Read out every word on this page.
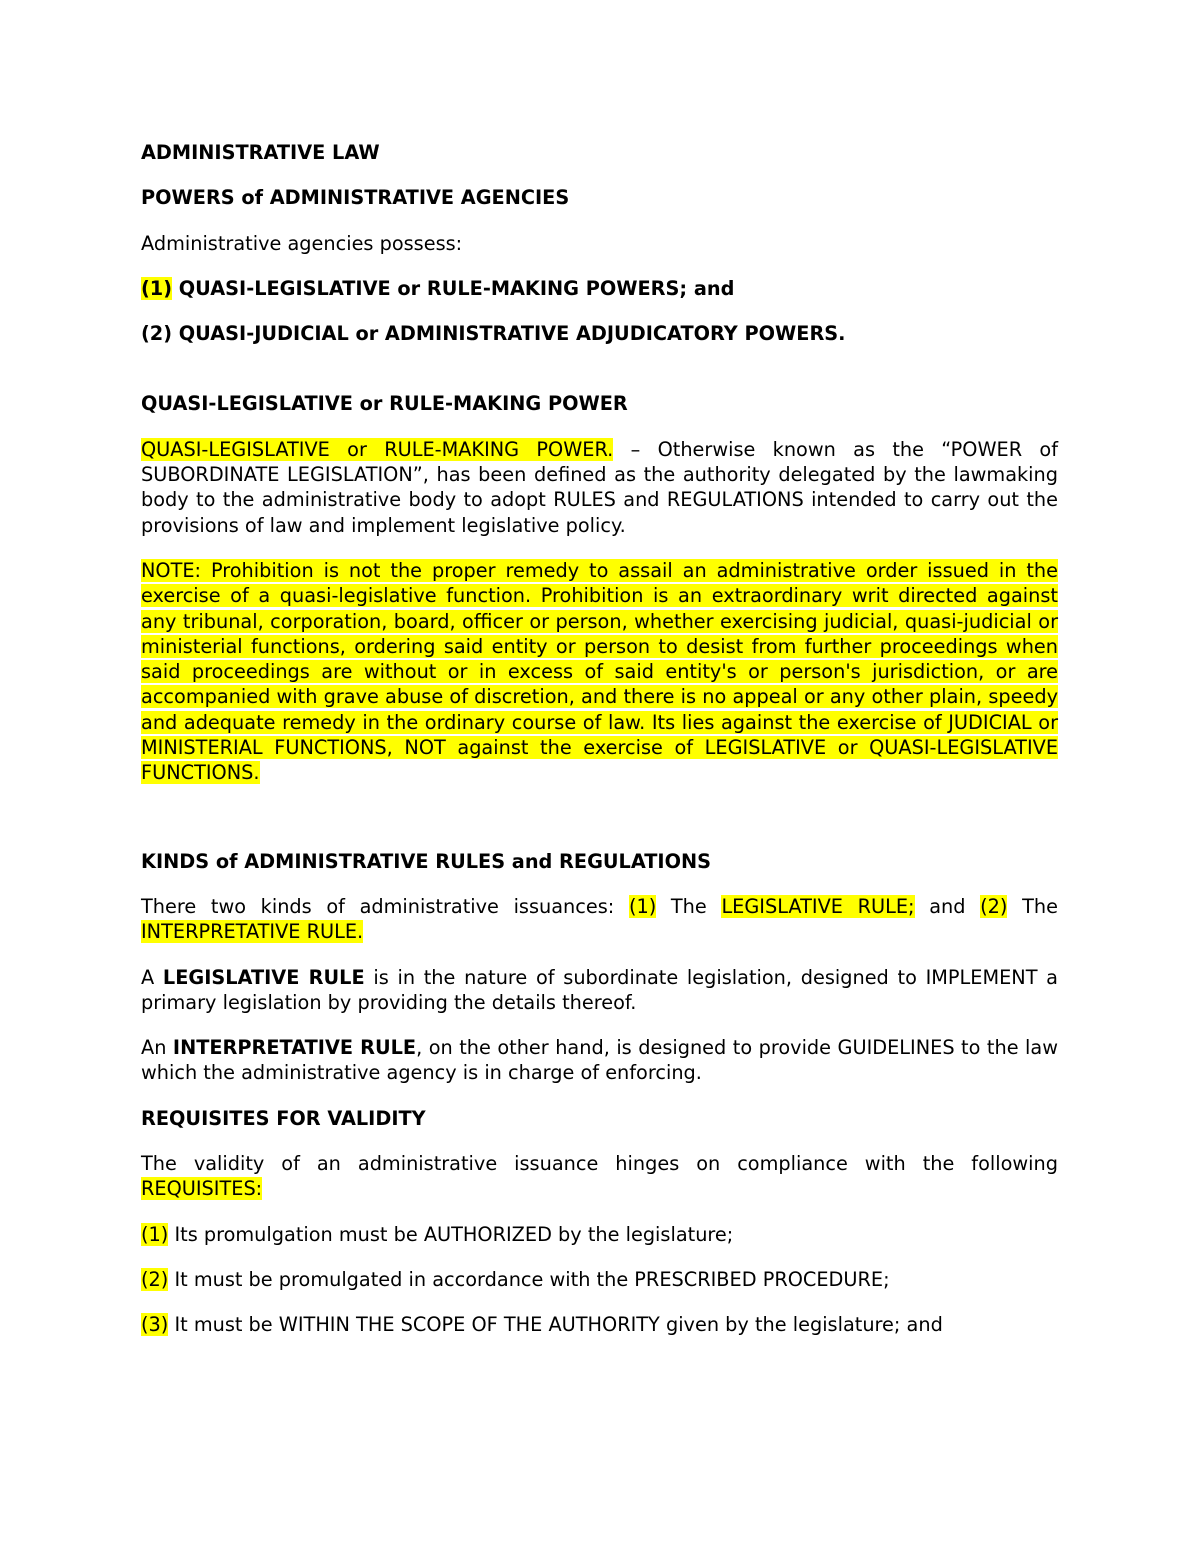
ADMINISTRATIVE LAW

POWERS of ADMINISTRATIVE AGENCIES

Administrative agencies possess:

(1) QUASI-LEGISLATIVE or RULE-MAKING POWERS; and

(2) QUASI-JUDICIAL or ADMINISTRATIVE ADJUDICATORY POWERS.

QUASI-LEGISLATIVE or RULE-MAKING POWER

QUASI-LEGISLATIVE or RULE-MAKING POWER. – Otherwise known as the “POWER of SUBORDINATE LEGISLATION”, has been defined as the authority delegated by the lawmaking body to the administrative body to adopt RULES and REGULATIONS intended to carry out the provisions of law and implement legislative policy.

NOTE: Prohibition is not the proper remedy to assail an administrative order issued in the exercise of a quasi-legislative function. Prohibition is an extraordinary writ directed against any tribunal, corporation, board, officer or person, whether exercising judicial, quasi-judicial or ministerial functions, ordering said entity or person to desist from further proceedings when said proceedings are without or in excess of said entity's or person's jurisdiction, or are accompanied with grave abuse of discretion, and there is no appeal or any other plain, speedy and adequate remedy in the ordinary course of law. Its lies against the exercise of JUDICIAL or MINISTERIAL FUNCTIONS, NOT against the exercise of LEGISLATIVE or QUASI-LEGISLATIVE FUNCTIONS.

KINDS of ADMINISTRATIVE RULES and REGULATIONS

There two kinds of administrative issuances: (1) The LEGISLATIVE RULE; and (2) The INTERPRETATIVE RULE.

A LEGISLATIVE RULE is in the nature of subordinate legislation, designed to IMPLEMENT a primary legislation by providing the details thereof.

An INTERPRETATIVE RULE, on the other hand, is designed to provide GUIDELINES to the law which the administrative agency is in charge of enforcing.

REQUISITES FOR VALIDITY

The validity of an administrative issuance hinges on compliance with the following REQUISITES:

(1) Its promulgation must be AUTHORIZED by the legislature;

(2) It must be promulgated in accordance with the PRESCRIBED PROCEDURE;

(3) It must be WITHIN THE SCOPE OF THE AUTHORITY given by the legislature; and
